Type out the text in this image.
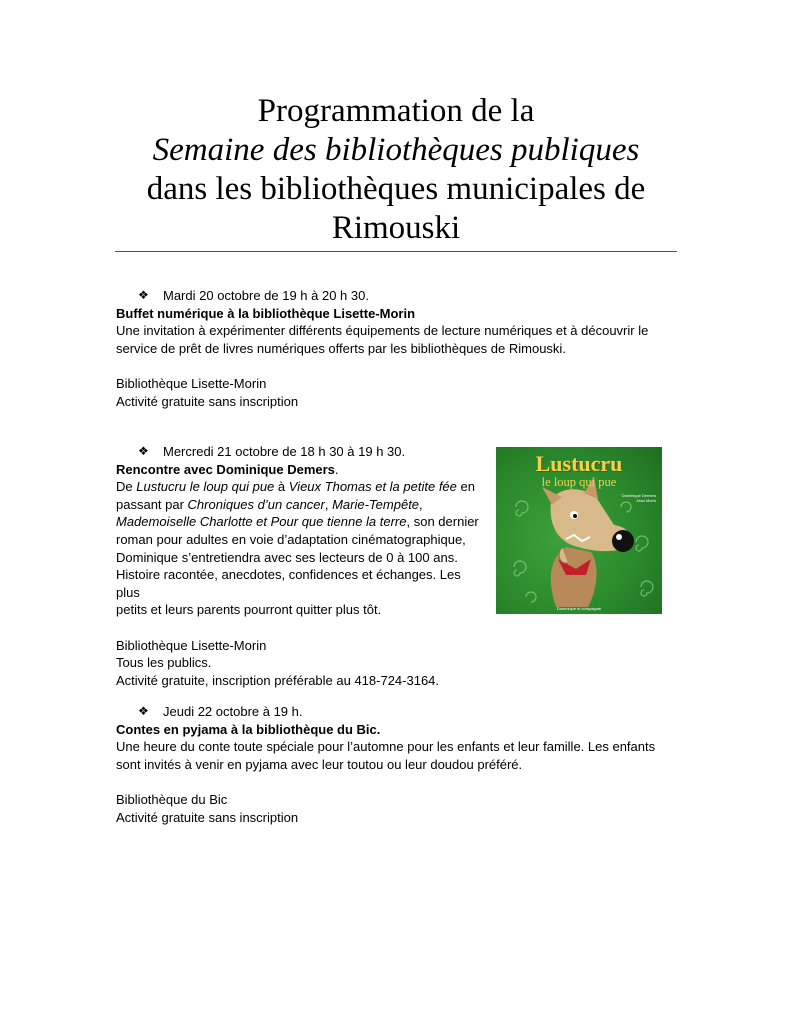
Programmation de la
Semaine des bibliothèques publiques
dans les bibliothèques municipales de
Rimouski

❖ Mardi 20 octobre de 19 h à 20 h 30.

Buffet numérique à la bibliothèque Lisette-Morin

Une invitation à expérimenter différents équipements de lecture numériques et à découvrir le

service de prêt de livres numériques offerts par les bibliothèques de Rimouski.

Bibliothèque Lisette-Morin

Activité gratuite sans inscription

❖ Mercredi 21 octobre de 18 h 30 à 19 h 30.

Rencontre avec Dominique Demers.

De Lustucru le loup qui pue à Vieux Thomas et la petite fée en

passant par Chroniques d’un cancer, Marie-Tempête,

Mademoiselle Charlotte et Pour que tienne la terre, son dernier

roman pour adultes en voie d’adaptation cinématographique,

Dominique s’entretiendra avec ses lecteurs de 0 à 100 ans.

Histoire racontée, anecdotes, confidences et échanges. Les plus

petits et leurs parents pourront quitter plus tôt.

Bibliothèque Lisette-Morin

Tous les publics.

Activité gratuite, inscription préférable au 418-724-3164.

Lustucru
le loup qui pue
Dominique Demers
Jean Morin
Dominique et compagnie

❖ Jeudi 22 octobre à 19 h.

Contes en pyjama à la bibliothèque du Bic.

Une heure du conte toute spéciale pour l’automne pour les enfants et leur famille. Les enfants

sont invités à venir en pyjama avec leur toutou ou leur doudou préféré.

Bibliothèque du Bic

Activité gratuite sans inscription
